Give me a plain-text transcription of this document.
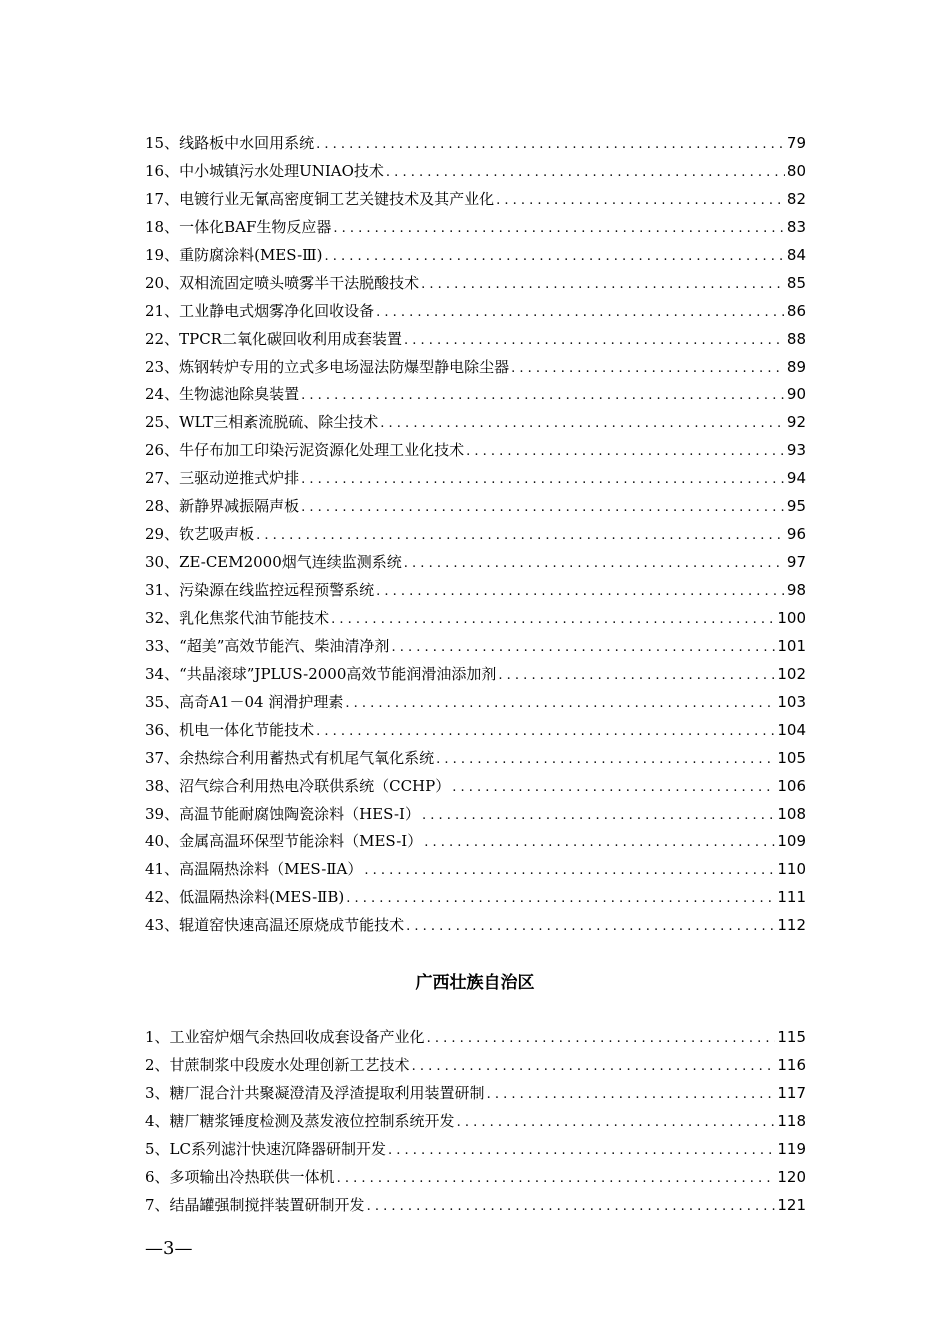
15、 线路板中水回用系统 . . .	79
16、 中小城镇污水处理UNIAO技术 . . .	80
17、 电镀行业无氰高密度铜工艺关键技术及其产业化 . . .	82
18、 一体化BAF生物反应器 . . .	83
19、 重防腐涂料(MES-Ⅲ) . . .	84
20、 双相流固定喷头喷雾半干法脱酸技术 . . .	85
21、 工业静电式烟雾净化回收设备 . . .	86
22、 TPCR二氧化碳回收利用成套装置 . . .	88
23、 炼钢转炉专用的立式多电场湿法防爆型静电除尘器 . . .	89
24、 生物滤池除臭装置 . . .	90
25、 WLT三相紊流脱硫、除尘技术 . . .	92
26、 牛仔布加工印染污泥资源化处理工业化技术 . . .	93
27、 三驱动逆推式炉排 . . .	94
28、 新静界减振隔声板 . . .	95
29、 钦艺吸声板 . . .	96
30、 ZE-CEM2000烟气连续监测系统 . . .	97
31、 污染源在线监控远程预警系统 . . .	98
32、 乳化焦浆代油节能技术 . . .	100
33、 “超美”高效节能汽、柴油清净剂 . . .	101
34、 “共晶滚球”JPLUS-2000高效节能润滑油添加剂 . . .	102
35、 高奇A1－04 润滑护理素 . . .	103
36、 机电一体化节能技术 . . .	104
37、 余热综合利用蓄热式有机尾气氧化系统 . . .	105
38、 沼气综合利用热电冷联供系统（CCHP） . . .	106
39、 高温节能耐腐蚀陶瓷涂料（HES-I） . . .	108
40、 金属高温环保型节能涂料（MES-I） . . .	109
41、 高温隔热涂料（MES-ⅡA） . . .	110
42、 低温隔热涂料(MES-ⅡB) . . .	111
43、 辊道窑快速高温还原烧成节能技术 . . .	112
广西壮族自治区
1、 工业窑炉烟气余热回收成套设备产业化 . . .	115
2、 甘蔗制浆中段废水处理创新工艺技术 . . .	116
3、 糖厂混合汁共聚凝澄清及浮渣提取利用装置研制 . . .	117
4、 糖厂糖浆锤度检测及蒸发液位控制系统开发 . . .	118
5、 LC系列滤汁快速沉降器研制开发 . . .	119
6、 多项输出冷热联供一体机 . . .	120
7、 结晶罐强制搅拌装置研制开发 . . .	121
—3—
